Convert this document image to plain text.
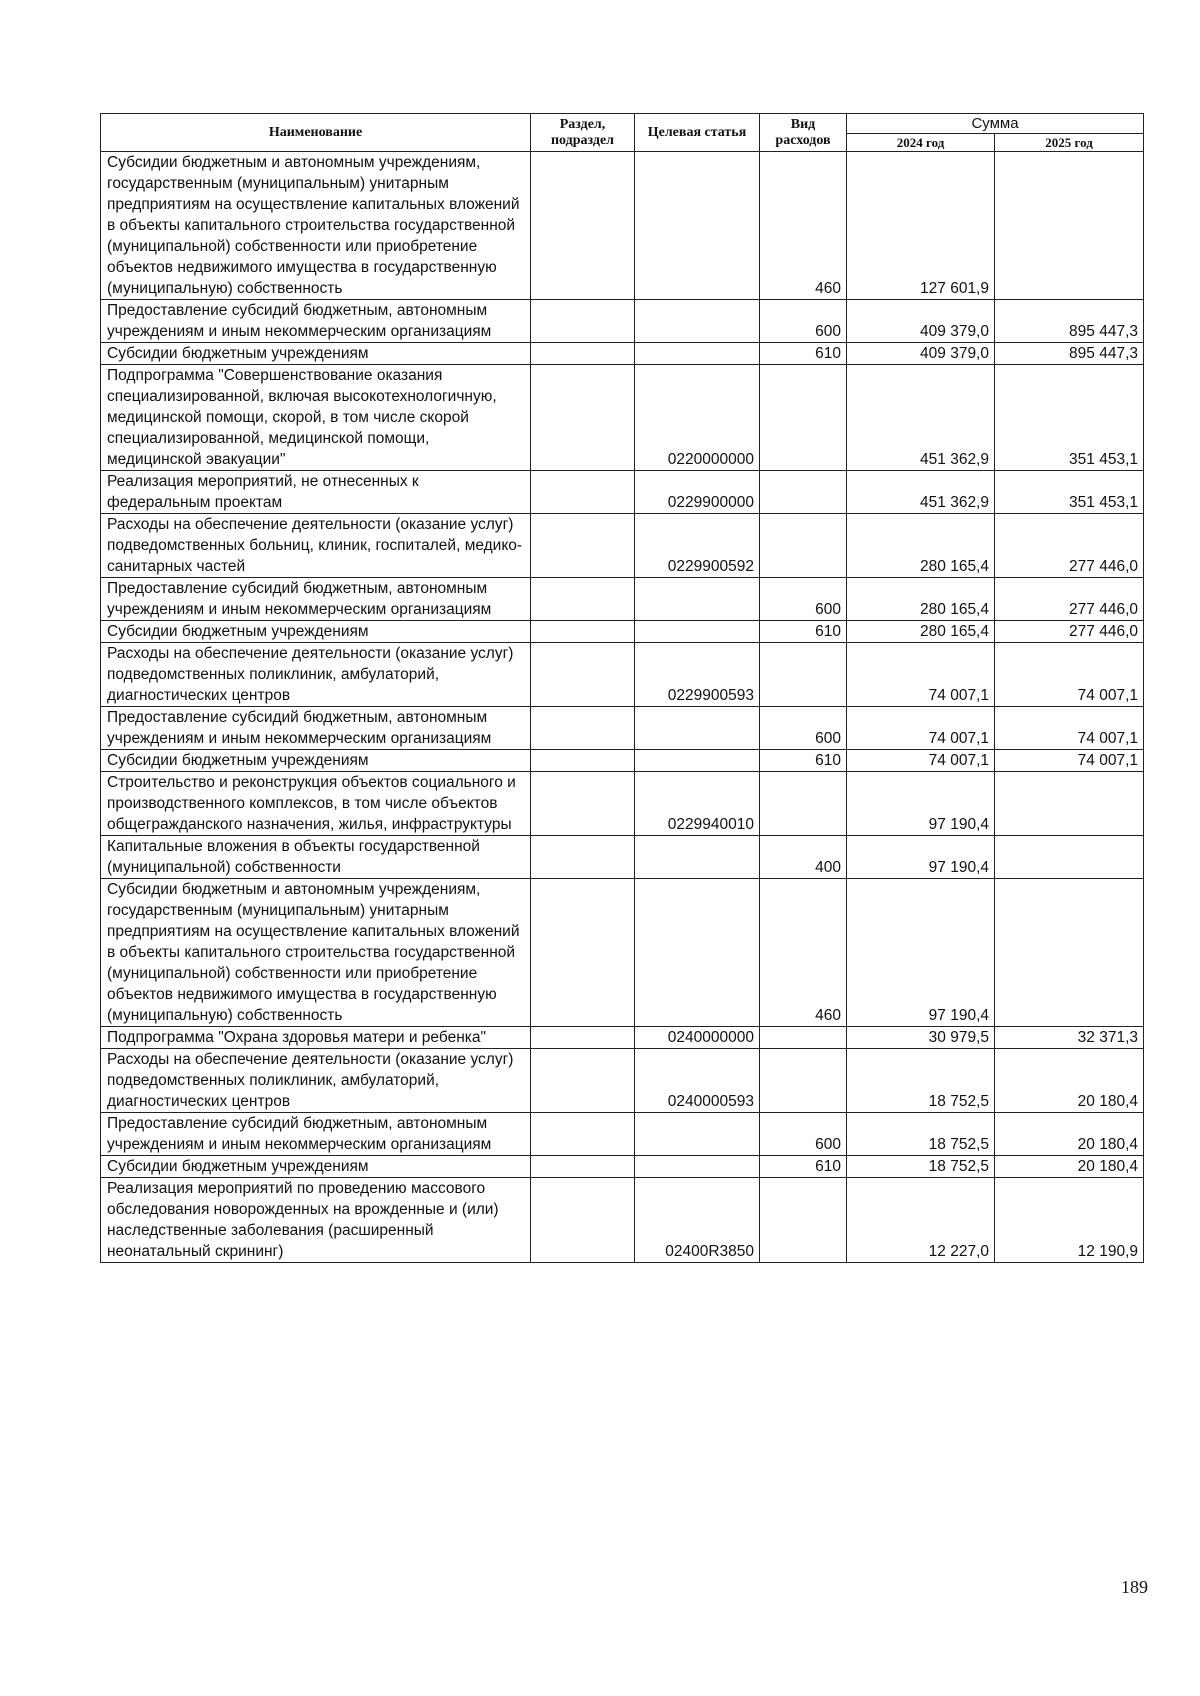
Наименование	Раздел, подраздел	Целевая статья	Вид расходов	Сумма	
				2024 год	2025 год
Субсидии бюджетным и автономным учреждениям, государственным (муниципальным) унитарным предприятиям на осуществление капитальных вложений в объекты капитального строительства государственной (муниципальной) собственности или приобретение объектов недвижимого имущества в государственную (муниципальную) собственность			460	127 601,9	
Предоставление субсидий бюджетным, автономным учреждениям и иным некоммерческим организациям			600	409 379,0	895 447,3
Субсидии бюджетным учреждениям			610	409 379,0	895 447,3
Подпрограмма "Совершенствование оказания специализированной, включая высокотехнологичную, медицинской помощи, скорой, в том числе скорой специализированной, медицинской помощи, медицинской эвакуации"		0220000000		451 362,9	351 453,1
Реализация мероприятий, не отнесенных к федеральным проектам		0229900000		451 362,9	351 453,1
Расходы на обеспечение деятельности (оказание услуг) подведомственных больниц, клиник, госпиталей, медико-санитарных частей		0229900592		280 165,4	277 446,0
Предоставление субсидий бюджетным, автономным учреждениям и иным некоммерческим организациям			600	280 165,4	277 446,0
Субсидии бюджетным учреждениям			610	280 165,4	277 446,0
Расходы на обеспечение деятельности (оказание услуг) подведомственных поликлиник, амбулаторий, диагностических центров		0229900593		74 007,1	74 007,1
Предоставление субсидий бюджетным, автономным учреждениям и иным некоммерческим организациям			600	74 007,1	74 007,1
Субсидии бюджетным учреждениям			610	74 007,1	74 007,1
Строительство и реконструкция объектов социального и производственного комплексов, в том числе объектов общегражданского назначения, жилья, инфраструктуры		0229940010		97 190,4	
Капитальные вложения в объекты государственной (муниципальной) собственности			400	97 190,4	
Субсидии бюджетным и автономным учреждениям, государственным (муниципальным) унитарным предприятиям на осуществление капитальных вложений в объекты капитального строительства государственной (муниципальной) собственности или приобретение объектов недвижимого имущества в государственную (муниципальную) собственность			460	97 190,4	
Подпрограмма "Охрана здоровья матери и ребенка"		0240000000		30 979,5	32 371,3
Расходы на обеспечение деятельности (оказание услуг) подведомственных поликлиник, амбулаторий, диагностических центров		0240000593		18 752,5	20 180,4
Предоставление субсидий бюджетным, автономным учреждениям и иным некоммерческим организациям			600	18 752,5	20 180,4
Субсидии бюджетным учреждениям			610	18 752,5	20 180,4
Реализация мероприятий по проведению массового обследования новорожденных на врожденные и (или) наследственные заболевания (расширенный неонатальный скрининг)		02400R3850		12 227,0	12 190,9
189
